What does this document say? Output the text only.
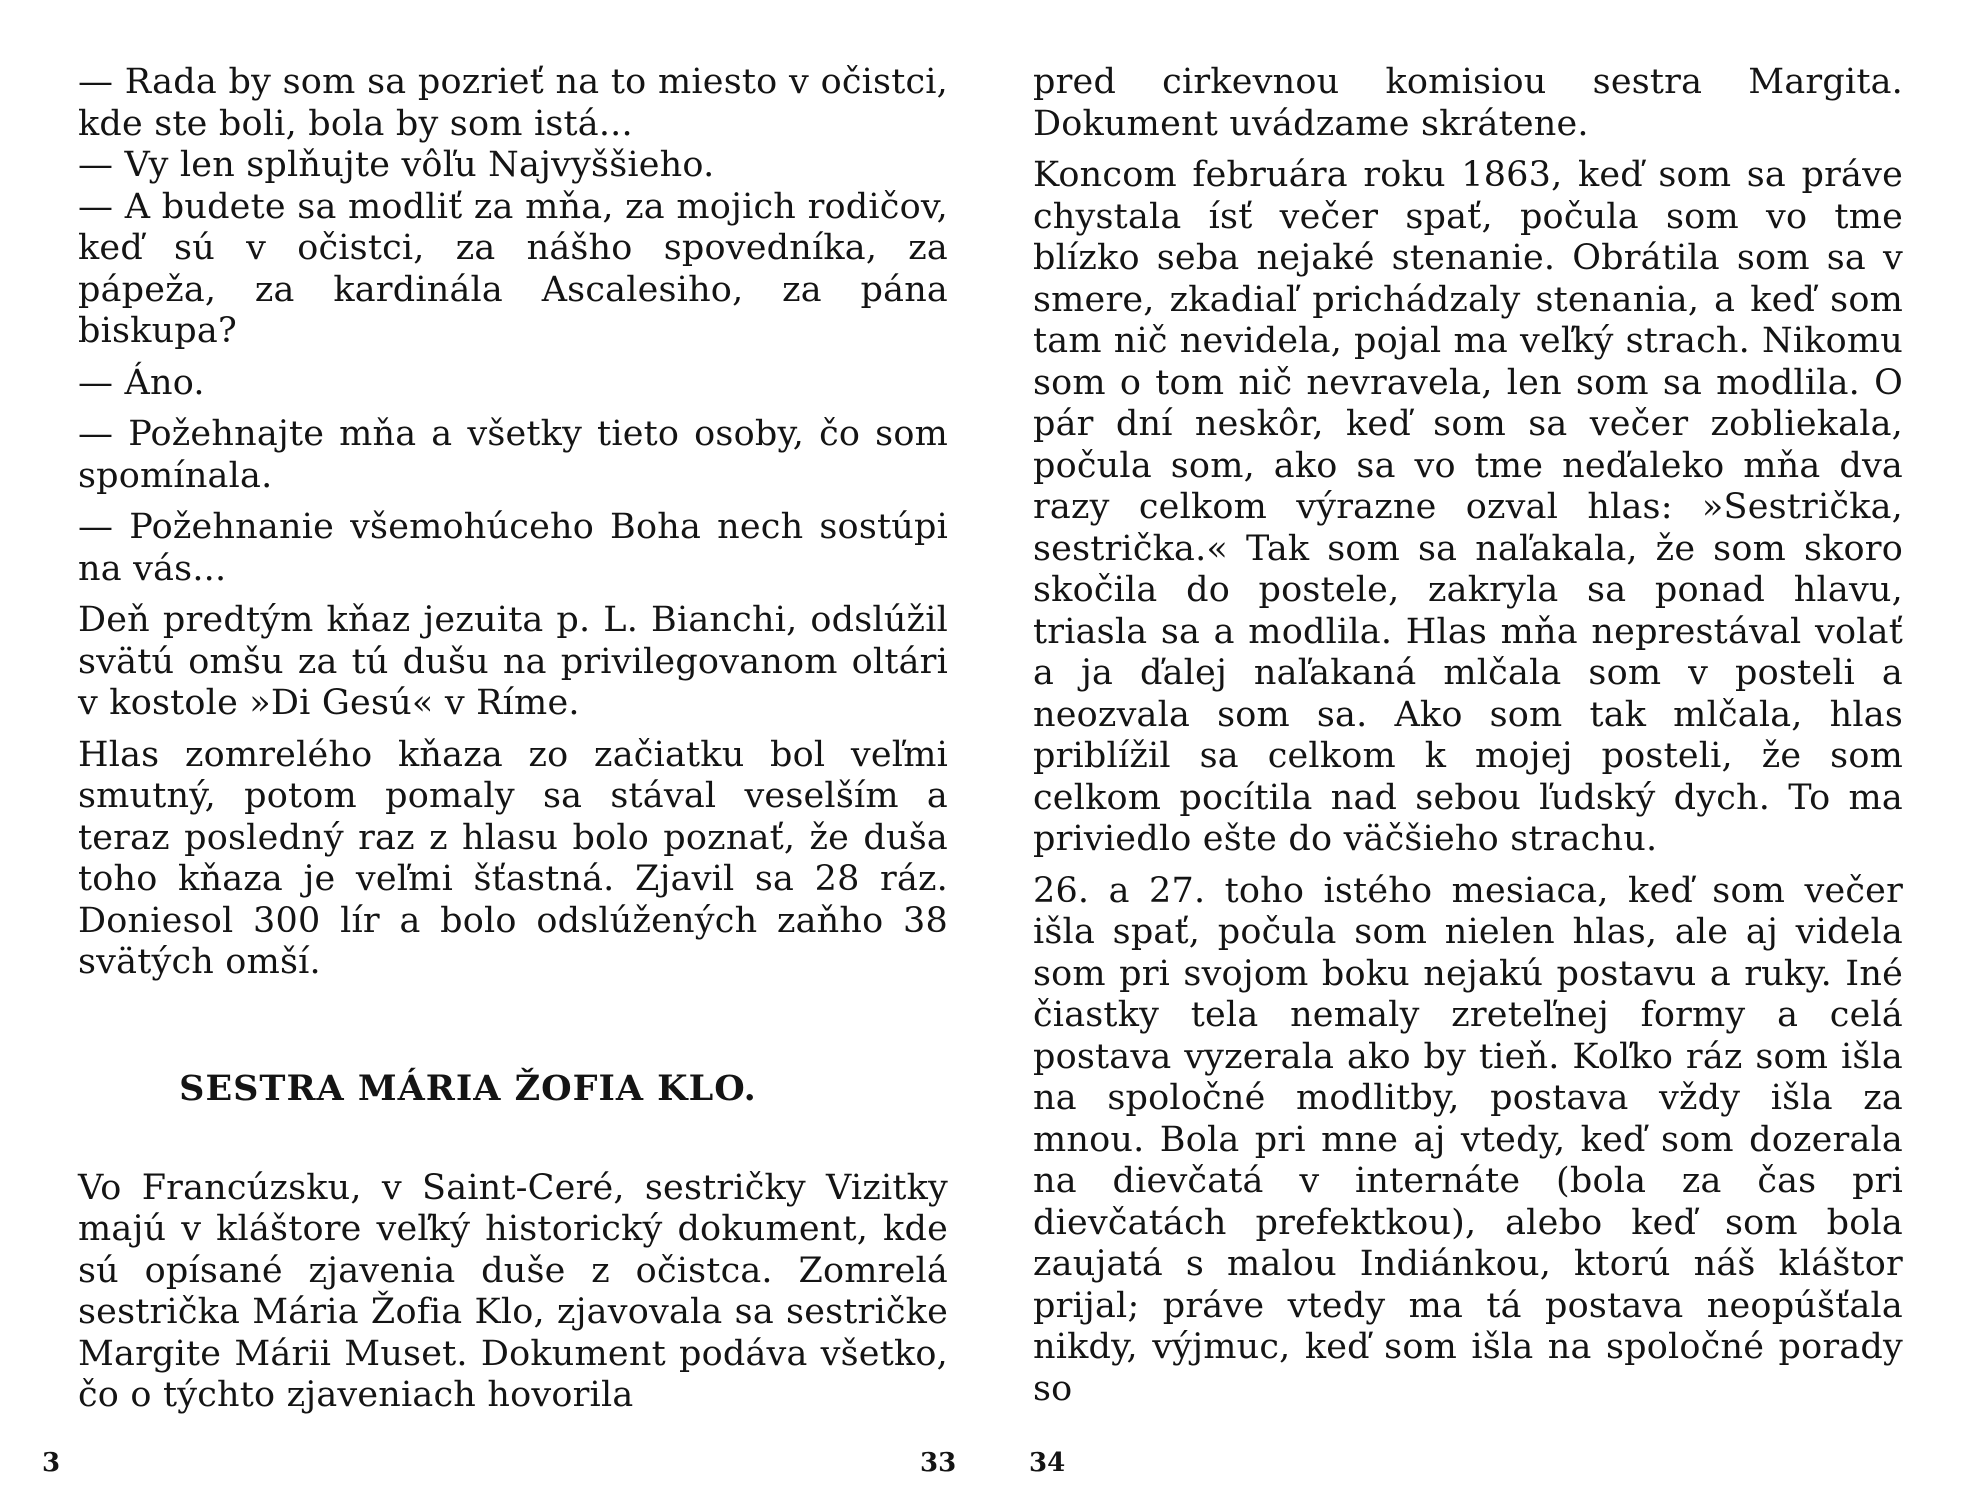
— Rada by som sa pozrieť na to miesto v očistci, kde ste boli, bola by som istá...

— Vy len splňujte vôľu Najvyššieho.

— A budete sa modliť za mňa, za mojich rodičov, keď sú v očistci, za nášho spovedníka, za pápeža, za kardinála Ascalesiho, za pána biskupa?

— Áno.

— Požehnajte mňa a všetky tieto osoby, čo som spomínala.

— Požehnanie všemohúceho Boha nech sostúpi na vás...

Deň predtým kňaz jezuita p. L. Bianchi, odslúžil svätú omšu za tú dušu na privilegovanom oltári v kostole »Di Gesú« v Ríme.

Hlas zomrelého kňaza zo začiatku bol veľmi smutný, potom pomaly sa stával veselším a teraz posledný raz z hlasu bolo poznať, že duša toho kňaza je veľmi šťastná. Zjavil sa 28 ráz. Doniesol 300 lír a bolo odslúžených zaňho 38 svätých omší.

SESTRA MÁRIA ŽOFIA KLO.

Vo Francúzsku, v Saint-Ceré, sestričky Vizitky majú v kláštore veľký historický dokument, kde sú opísané zjavenia duše z očistca. Zomrelá sestrička Mária Žofia Klo, zjavovala sa sestričke Margite Márii Muset. Dokument podáva všetko, čo o týchto zjaveniach hovorila

3	33

pred cirkevnou komisiou sestra Margita. Dokument uvádzame skrátene.

Koncom februára roku 1863, keď som sa práve chystala ísť večer spať, počula som vo tme blízko seba nejaké stenanie. Obrátila som sa v smere, zkadiaľ prichádzaly stenania, a keď som tam nič nevidela, pojal ma veľký strach. Nikomu som o tom nič nevravela, len som sa modlila. O pár dní neskôr, keď som sa večer zobliekala, počula som, ako sa vo tme neďaleko mňa dva razy celkom výrazne ozval hlas: »Sestrička, sestrička.« Tak som sa naľakala, že som skoro skočila do postele, zakryla sa ponad hlavu, triasla sa a modlila. Hlas mňa neprestával volať a ja ďalej naľakaná mlčala som v posteli a neozvala som sa. Ako som tak mlčala, hlas priblížil sa celkom k mojej posteli, že som celkom pocítila nad sebou ľudský dych. To ma priviedlo ešte do väčšieho strachu.

26. a 27. toho istého mesiaca, keď som večer išla spať, počula som nielen hlas, ale aj videla som pri svojom boku nejakú postavu a ruky. Iné čiastky tela nemaly zreteľnej formy a celá postava vyzerala ako by tieň. Koľko ráz som išla na spoločné modlitby, postava vždy išla za mnou. Bola pri mne aj vtedy, keď som dozerala na dievčatá v internáte (bola za čas pri dievčatách prefektkou), alebo keď som bola zaujatá s malou Indiánkou, ktorú náš kláštor prijal; práve vtedy ma tá postava neopúšťala nikdy, výjmuc, keď som išla na spoločné porady so

34
